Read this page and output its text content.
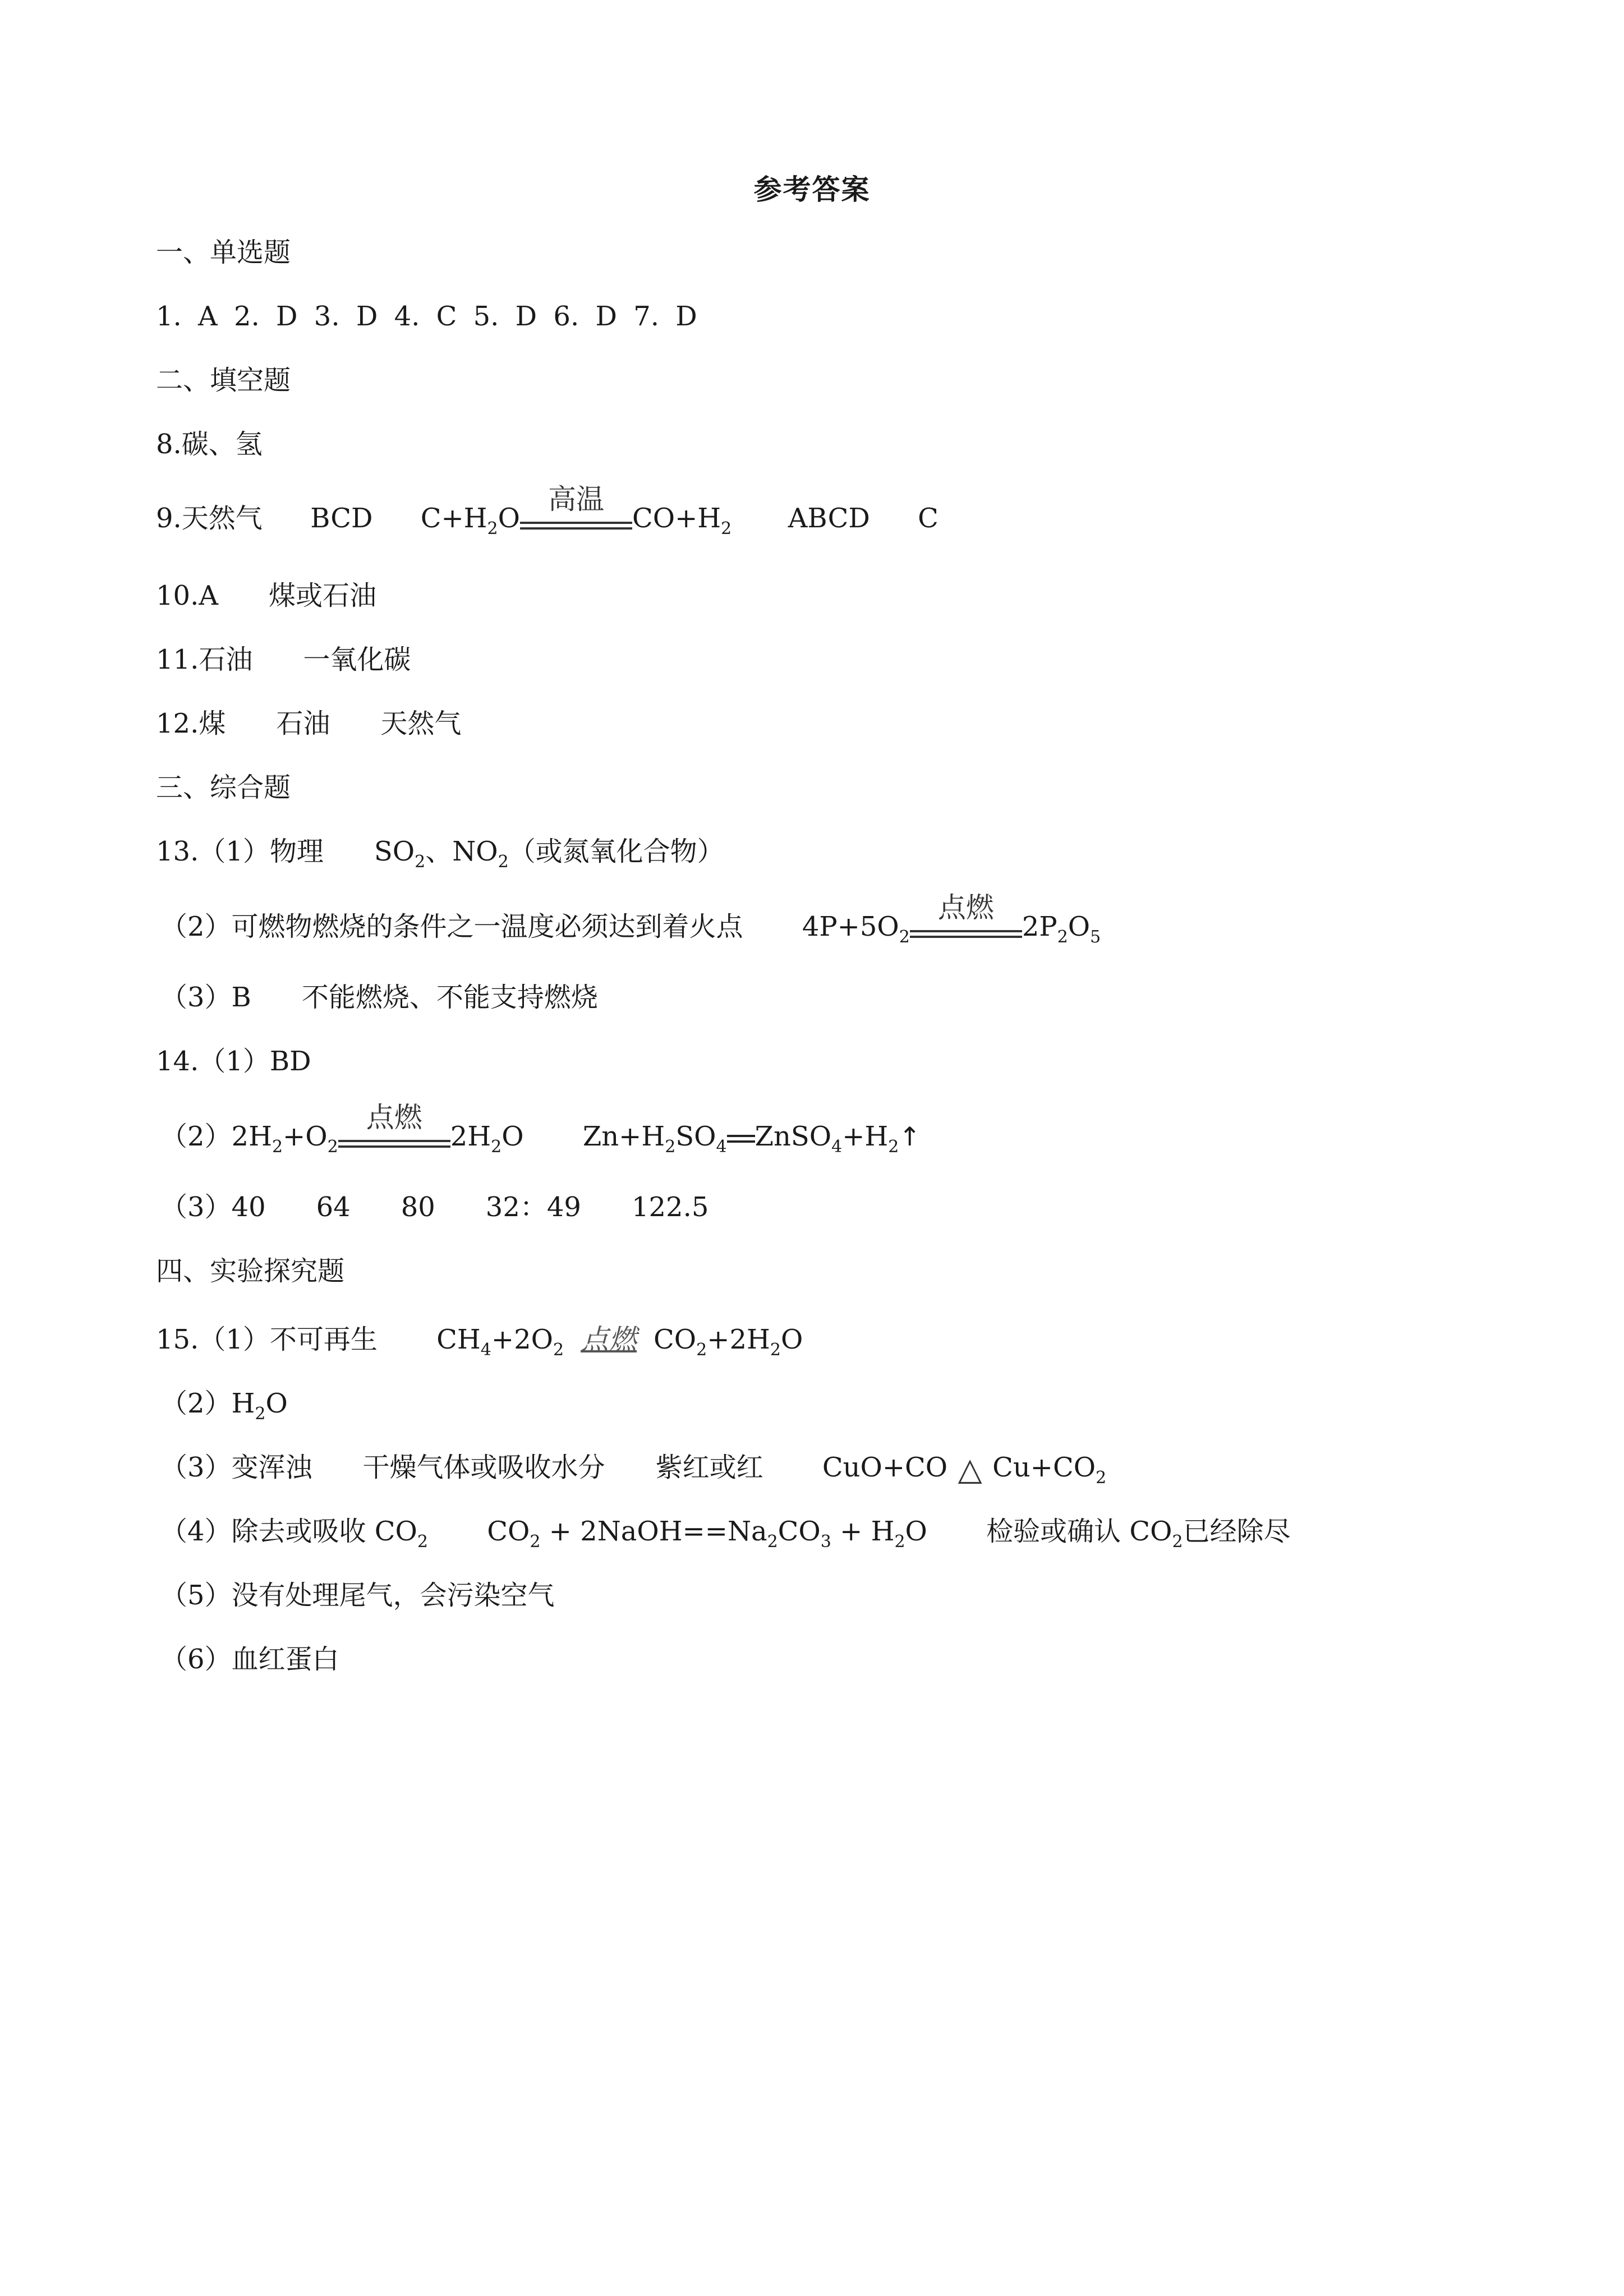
参考答案
一、单选题
1. A 2. D 3. D 4. C 5. D 6. D 7. D
二、填空题
8.碳、氢
9.天然气 BCD $C+H_2O$
高温
$CO+H_2$ ABCD C
10.A 煤或石油
11.石油 一氧化碳
12.煤 石油 天然气
三、综合题
13.（1）物理 $SO_2$、$NO_2$（或氮氧化合物）
（2）可燃物燃烧的条件之一温度必须达到着火点 $4P+5O_2$
点燃
$2P_2O_5$
（3）B 不能燃烧、不能支持燃烧
14.（1）BD
$(2)2H_2+O_2$
点燃
$2H_2O$ $Zn+H_2SO_4$ $ZnSO_4+H_2↑$
（3）40 64 80 32：49 122.5
四、实验探究题
15.（1）不可再生 $CH_4+2O_2$ 点燃 $CO_2+2H_2O$
$(2)H_2O$
（3）变浑浊 干燥气体或吸收水分 紫红或红 CuO+CO △ $Cu+CO_2$
（4）除去或吸收 $CO_2$ $CO_2$ + $2NaOH==Na_2CO_3 + H_2O$ 检验或确认 $CO_2$已经除尽
（5）没有处理尾气，会污染空气
（6）血红蛋白
